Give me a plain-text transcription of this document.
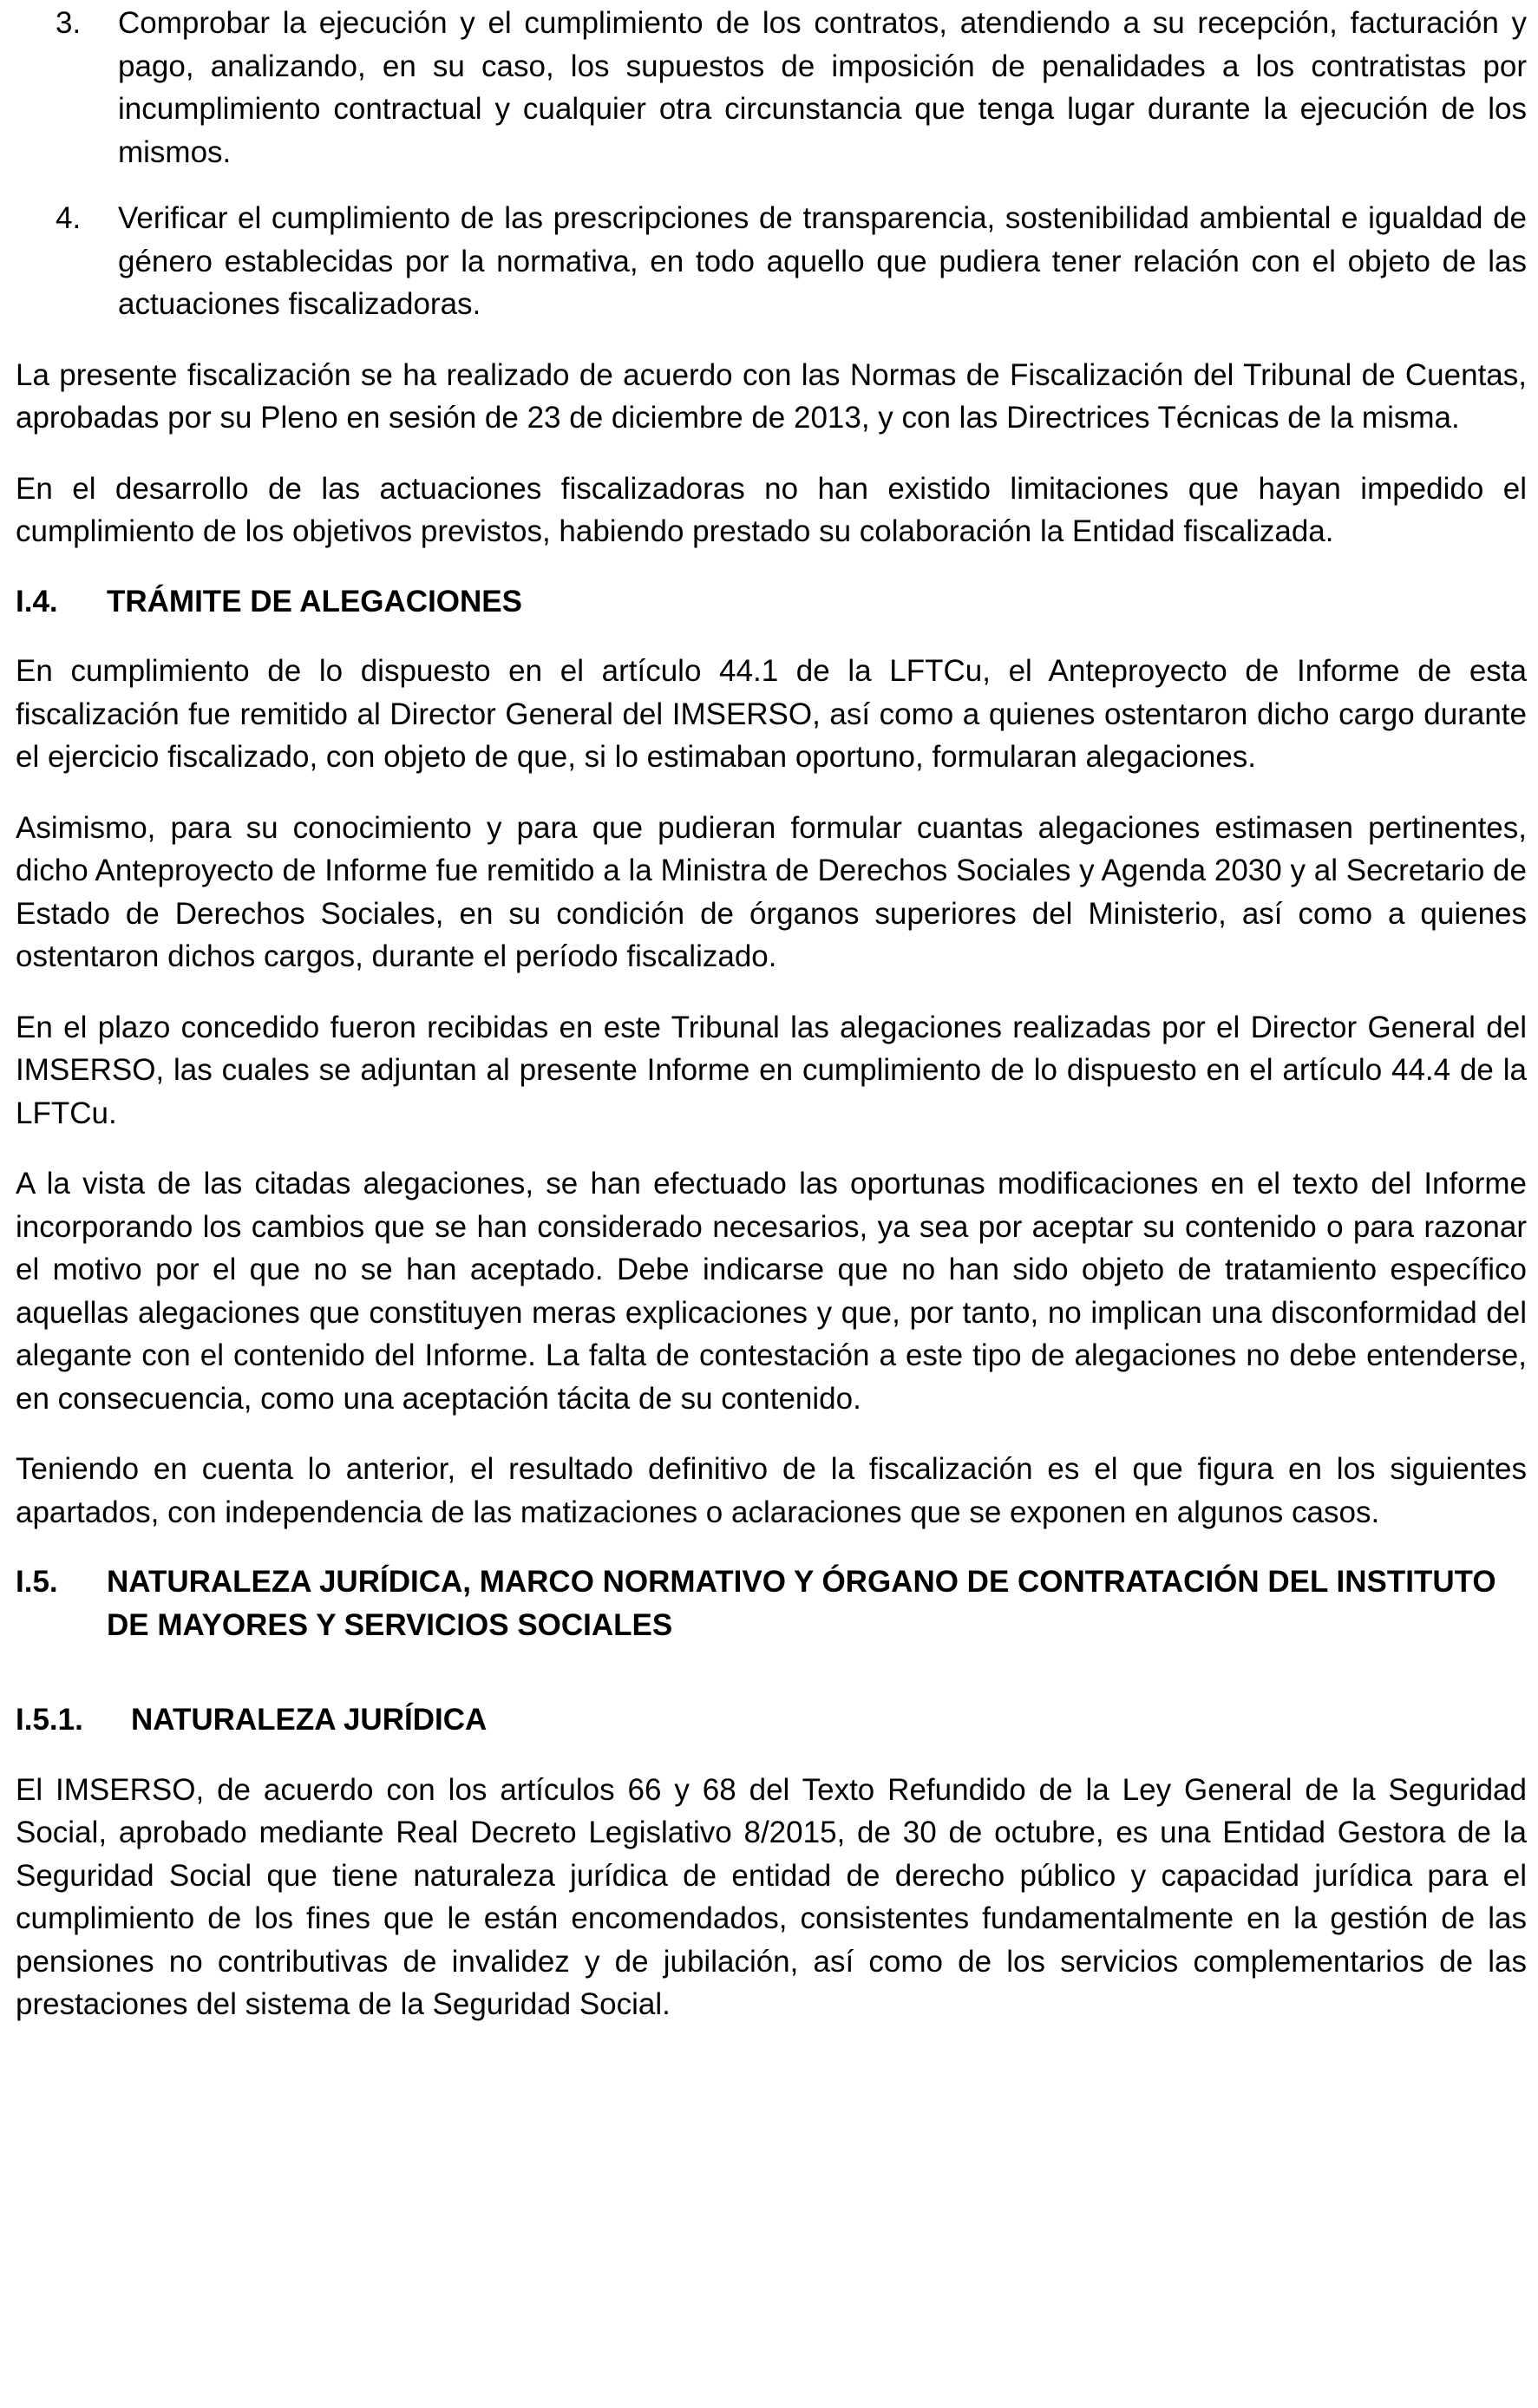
3. Comprobar la ejecución y el cumplimiento de los contratos, atendiendo a su recepción, facturación y pago, analizando, en su caso, los supuestos de imposición de penalidades a los contratistas por incumplimiento contractual y cualquier otra circunstancia que tenga lugar durante la ejecución de los mismos.
4. Verificar el cumplimiento de las prescripciones de transparencia, sostenibilidad ambiental e igualdad de género establecidas por la normativa, en todo aquello que pudiera tener relación con el objeto de las actuaciones fiscalizadoras.

La presente fiscalización se ha realizado de acuerdo con las Normas de Fiscalización del Tribunal de Cuentas, aprobadas por su Pleno en sesión de 23 de diciembre de 2013, y con las Directrices Técnicas de la misma.

En el desarrollo de las actuaciones fiscalizadoras no han existido limitaciones que hayan impedido el cumplimiento de los objetivos previstos, habiendo prestado su colaboración la Entidad fiscalizada.

I.4.	TRÁMITE DE ALEGACIONES

En cumplimiento de lo dispuesto en el artículo 44.1 de la LFTCu, el Anteproyecto de Informe de esta fiscalización fue remitido al Director General del IMSERSO, así como a quienes ostentaron dicho cargo durante el ejercicio fiscalizado, con objeto de que, si lo estimaban oportuno, formularan alegaciones.

Asimismo, para su conocimiento y para que pudieran formular cuantas alegaciones estimasen pertinentes, dicho Anteproyecto de Informe fue remitido a la Ministra de Derechos Sociales y Agenda 2030 y al Secretario de Estado de Derechos Sociales, en su condición de órganos superiores del Ministerio, así como a quienes ostentaron dichos cargos, durante el período fiscalizado.

En el plazo concedido fueron recibidas en este Tribunal las alegaciones realizadas por el Director General del IMSERSO, las cuales se adjuntan al presente Informe en cumplimiento de lo dispuesto en el artículo 44.4 de la LFTCu.

A la vista de las citadas alegaciones, se han efectuado las oportunas modificaciones en el texto del Informe incorporando los cambios que se han considerado necesarios, ya sea por aceptar su contenido o para razonar el motivo por el que no se han aceptado. Debe indicarse que no han sido objeto de tratamiento específico aquellas alegaciones que constituyen meras explicaciones y que, por tanto, no implican una disconformidad del alegante con el contenido del Informe. La falta de contestación a este tipo de alegaciones no debe entenderse, en consecuencia, como una aceptación tácita de su contenido.

Teniendo en cuenta lo anterior, el resultado definitivo de la fiscalización es el que figura en los siguientes apartados, con independencia de las matizaciones o aclaraciones que se exponen en algunos casos.

I.5.	NATURALEZA JURÍDICA, MARCO NORMATIVO Y ÓRGANO DE CONTRATACIÓN DEL INSTITUTO DE MAYORES Y SERVICIOS SOCIALES
I.5.1.	NATURALEZA JURÍDICA

El IMSERSO, de acuerdo con los artículos 66 y 68 del Texto Refundido de la Ley General de la Seguridad Social, aprobado mediante Real Decreto Legislativo 8/2015, de 30 de octubre, es una Entidad Gestora de la Seguridad Social que tiene naturaleza jurídica de entidad de derecho público y capacidad jurídica para el cumplimiento de los fines que le están encomendados, consistentes fundamentalmente en la gestión de las pensiones no contributivas de invalidez y de jubilación, así como de los servicios complementarios de las prestaciones del sistema de la Seguridad Social.
